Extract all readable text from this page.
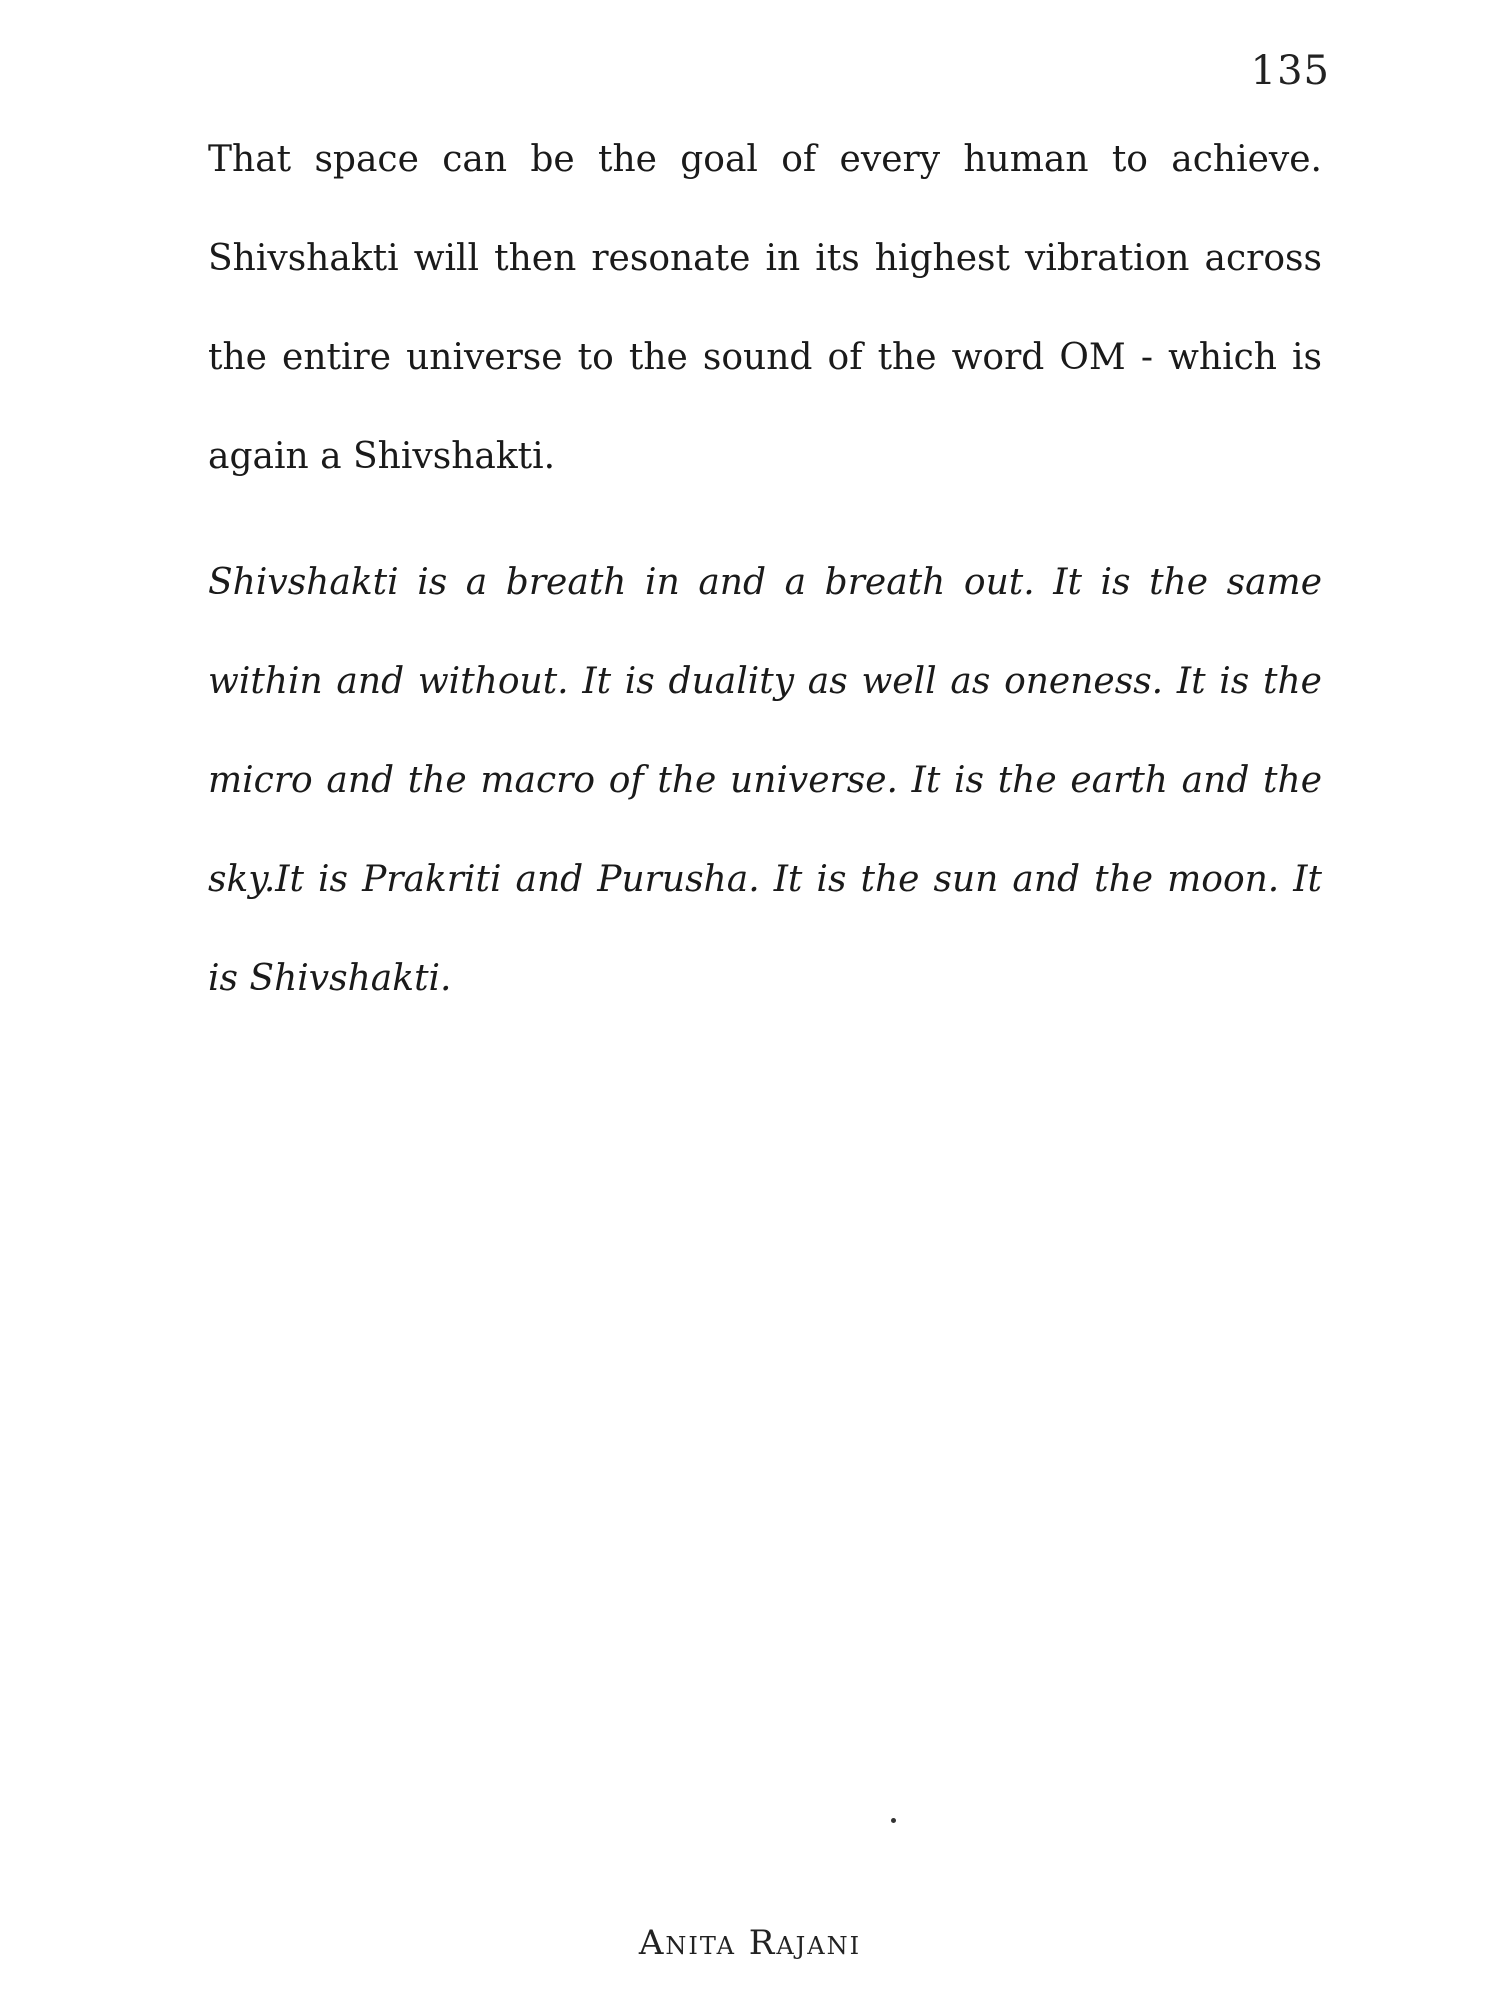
135

That space can be the goal of every human to achieve. Shivshakti will then resonate in its highest vibration across the entire universe to the sound of the word OM - which is again a Shivshakti.

Shivshakti is a breath in and a breath out. It is the same within and without. It is duality as well as oneness. It is the micro and the macro of the universe. It is the earth and the sky.It is Prakriti and Purusha. It is the sun and the moon. It is Shivshakti.

Anita Rajani
